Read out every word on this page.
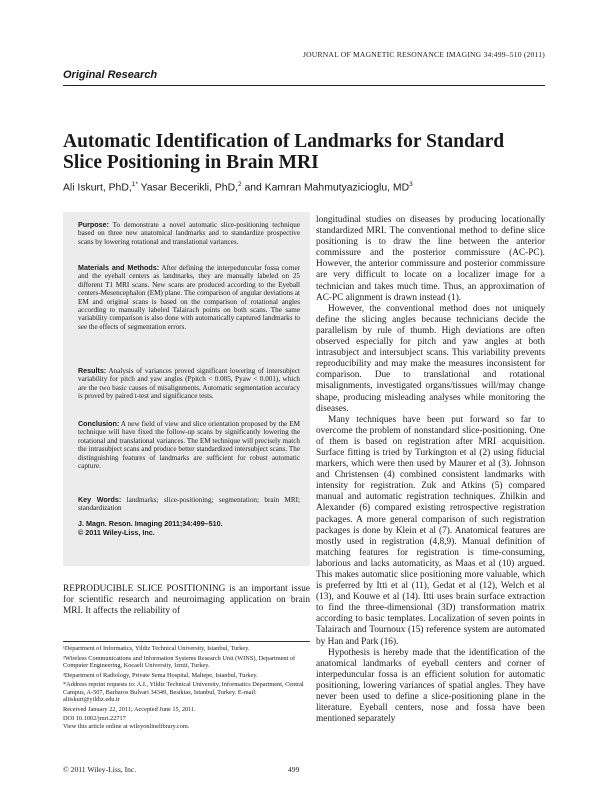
JOURNAL OF MAGNETIC RESONANCE IMAGING 34:499–510 (2011)
Original Research
Automatic Identification of Landmarks for Standard Slice Positioning in Brain MRI
Ali Iskurt, PhD,$^{1*}$ Yasar Becerikli, PhD,$^2$ and Kamran Mahmutyazicioglu, $MD^3$

Purpose: To demonstrate a novel automatic slice-positioning technique based on three new anatomical landmarks and to standardize prospective scans by lowering rotational and translational variances.

Materials and Methods: After defining the interpeduncular fossa corner and the eyeball centers as landmarks, they are manually labeled on 25 different T1 MRI scans. New scans are produced according to the Eyeball centers-Mesencephalon (EM) plane. The comparison of angular deviations at EM and original scans is based on the comparison of rotational angles according to manually labeled Talairach points on both scans. The same variability comparison is also done with automatically captured landmarks to see the effects of segmentation errors.

Results: Analysis of variances proved significant lowering of intersubject variability for pitch and yaw angles (Ppitch < 0.005, Pyaw < 0.001), which are the two basic causes of misalignments. Automatic segmentation accuracy is proved by paired t-test and significance tests.

Conclusion: A new field of view and slice orientation proposed by the EM technique will have fixed the follow-up scans by significantly lowering the rotational and translational variances. The EM technique will precisely match the intrasubject scans and produce better standardized intersubject scans. The distinguishing features of landmarks are sufficient for robust automatic capture.

Key Words: landmarks; slice-positioning; segmentation; brain MRI; standardization

J. Magn. Reson. Imaging 2011;34:499–510.
© 2011 Wiley-Liss, Inc.

REPRODUCIBLE SLICE POSITIONING is an important issue for scientific research and neuroimaging application on brain MRI. It affects the reliability of

longitudinal studies on diseases by producing locationally standardized MRI. The conventional method to define slice positioning is to draw the line between the anterior commissure and the posterior commissure (AC-PC). However, the anterior commissure and posterior commissure are very difficult to locate on a localizer image for a technician and takes much time. Thus, an approximation of AC-PC alignment is drawn instead (1).

However, the conventional method does not uniquely define the slicing angles because technicians decide the parallelism by rule of thumb. High deviations are often observed especially for pitch and yaw angles at both intrasubject and intersubject scans. This variability prevents reproducibility and may make the measures inconsistent for comparison. Due to translational and rotational misalignments, investigated organs/tissues will/may change shape, producing misleading analyses while monitoring the diseases.

Many techniques have been put forward so far to overcome the problem of nonstandard slice-positioning. One of them is based on registration after MRI acquisition. Surface fitting is tried by Turkington et al (2) using fiducial markers, which were then used by Maurer et al (3). Johnson and Christensen (4) combined consistent landmarks with intensity for registration. Zuk and Atkins (5) compared manual and automatic registration techniques. Zhilkin and Alexander (6) compared existing retrospective registration packages. A more general comparison of such registration packages is done by Klein et al (7). Anatomical features are mostly used in registration (4,8,9). Manual definition of matching features for registration is time-consuming, laborious and lacks automaticity, as Maas et al (10) argued. This makes automatic slice positioning more valuable, which is preferred by Itti et al (11), Gedat et al (12), Welch et al (13), and Kouwe et al (14). Itti uses brain surface extraction to find the three-dimensional (3D) transformation matrix according to basic templates. Localization of seven points in Talairach and Tournoux (15) reference system are automated by Han and Park (16).

Hypothesis is hereby made that the identification of the anatomical landmarks of eyeball centers and corner of interpeduncular fossa is an efficient solution for automatic positioning, lowering variances of spatial angles. They have never been used to define a slice-positioning plane in the literature. Eyeball centers, nose and fossa have been mentioned separately

¹Department of Informatics, Yildiz Technical University, Istanbul, Turkey.

²Wireless Communications and Information Systems Research Unit (WINS), Department of Computer Engineering, Kocaeli University, Izmit, Turkey.

³Department of Radiology, Private Sema Hospital, Maltepe, Istanbul, Turkey.

*Address reprint requests to: A.I., Yildiz Technical University, Informatics Department, Central Campus, A-507, Barbaros Bulvari 34349, Besiktas, Istanbul, Turkey. E-mail: aliiskurt@yildiz.edu.tr

Received January 22, 2011; Accepted June 15, 2011.

DOI 10.1002/jmri.22717

View this article online at wileyonlinelibrary.com.

© 2011 Wiley-Liss, Inc.	499
